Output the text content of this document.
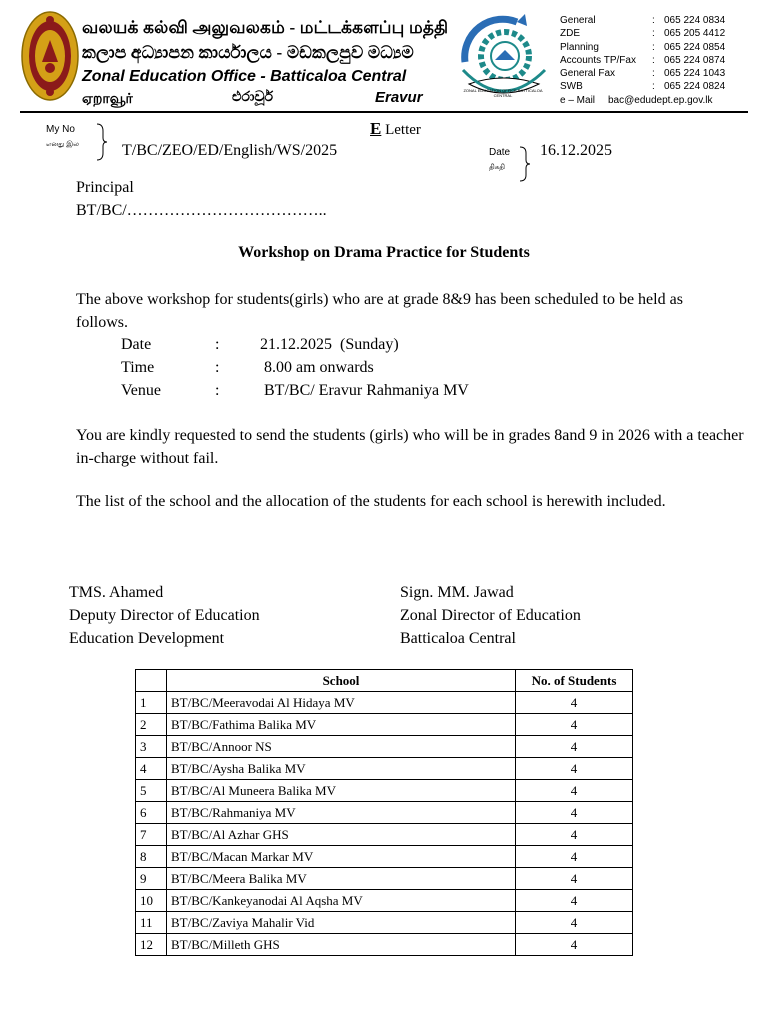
வலயக் கல்வி அலுவலகம் - மட்டக்களப்பு மத்தி
කලාප අධ්‍යාපන කාර්යාලය - මඩකලපුව මධ්‍යම
Zonal Education Office - Batticaloa Central
ஏறாவூர்	එරාවූර්	Eravur	ZONAL EDUCATION OFFICE BATTICALOA CENTRAL
General	: 065 224 0834
ZDE	: 065 205 4412
Planning	: 065 224 0854
Accounts TP/Fax	: 065 224 0874
General Fax	: 065 224 1043
SWB	: 065 224 0824
e – Mail	bac@edudept.ep.gov.lk
E Letter
My No
எனது இல	T/BC/ZEO/ED/English/WS/2025	Date
திகதி
16.12.2025
Principal
BT/BC/………………………………..
Workshop on Drama Practice for Students
The above workshop for students(girls) who are at grade 8&9 has been scheduled to be held as follows.
Date	:	21.12.2025 (Sunday)
Time	:	8.00 am onwards
Venue	:	BT/BC/ Eravur Rahmaniya MV
You are kindly requested to send the students (girls) who will be in grades 8and 9 in 2026 with a teacher in-charge without fail.
The list of the school and the allocation of the students for each school is herewith included.
TMS. Ahamed
Deputy Director of Education
Education Development
Sign. MM. Jawad
Zonal Director of Education
Batticaloa Central
	School	No. of Students
1	BT/BC/Meeravodai Al Hidaya MV	4
2	BT/BC/Fathima Balika MV	4
3	BT/BC/Annoor NS	4
4	BT/BC/Aysha Balika MV	4
5	BT/BC/Al Muneera Balika MV	4
6	BT/BC/Rahmaniya MV	4
7	BT/BC/Al Azhar GHS	4
8	BT/BC/Macan Markar MV	4
9	BT/BC/Meera Balika MV	4
10	BT/BC/Kankeyanodai Al Aqsha MV	4
11	BT/BC/Zaviya Mahalir Vid	4
12	BT/BC/Milleth GHS	4
